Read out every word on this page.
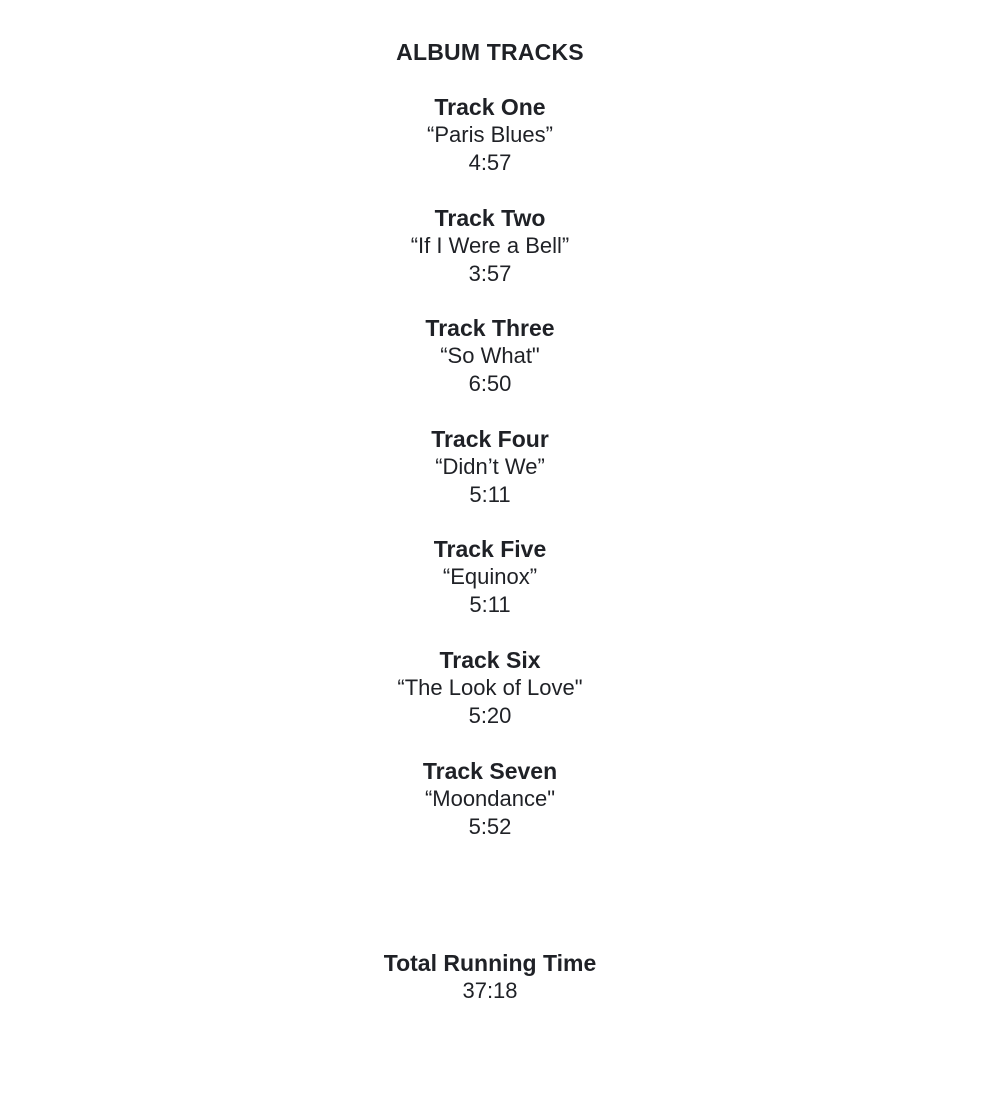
ALBUM TRACKS
Track One
“Paris Blues”
4:57
Track Two
“If I Were a Bell”
3:57
Track Three
“So What"
6:50
Track Four
“Didn’t We”
5:11
Track Five
“Equinox”
5:11
Track Six
“The Look of Love"
5:20
Track Seven
“Moondance"
5:52
Total Running Time
37:18
